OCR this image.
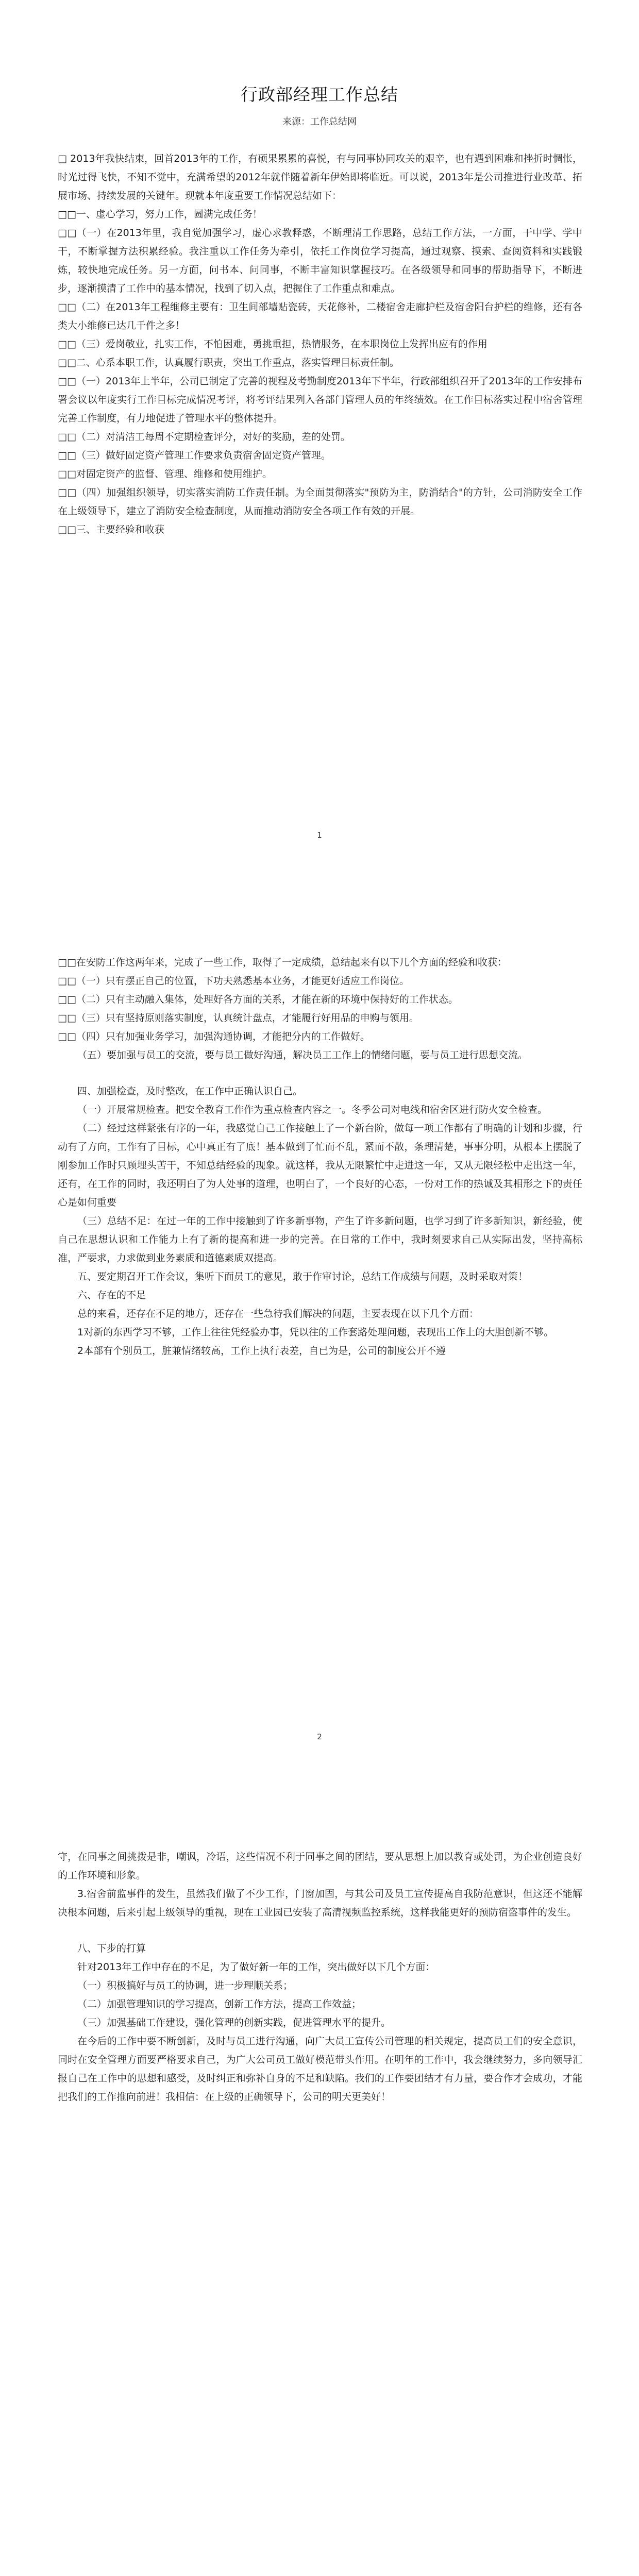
行政部经理工作总结
来源：工作总结网

□ 2013年我快结束，回首2013年的工作，有硕果累累的喜悦，有与同事协同攻关的艰辛，也有遇到困难和挫折时惆怅，时光过得飞快，不知不觉中，充满希望的2012年就伴随着新年伊始即将临近。可以说，2013年是公司推进行业改革、拓展市场、持续发展的关键年。现就本年度重要工作情况总结如下：

□□一、虚心学习，努力工作，圆满完成任务！

□□（一）在2013年里，我自觉加强学习，虚心求教释惑，不断理清工作思路，总结工作方法，一方面，干中学、学中干，不断掌握方法积累经验。我注重以工作任务为牵引，依托工作岗位学习提高，通过观察、摸索、查阅资料和实践锻炼，较快地完成任务。另一方面，问书本、问同事，不断丰富知识掌握技巧。在各级领导和同事的帮助指导下，不断进步，逐渐摸清了工作中的基本情况，找到了切入点，把握住了工作重点和难点。

□□（二）在2013年工程维修主要有：卫生间部墙贴瓷砖，天花修补，二楼宿舍走廊护栏及宿舍阳台护栏的维修，还有各类大小维修已达几千件之多！

□□（三）爱岗敬业，扎实工作，不怕困难，勇挑重担，热情服务，在本职岗位上发挥出应有的作用

□□二、心系本职工作，认真履行职责，突出工作重点，落实管理目标责任制。

□□（一）2013年上半年，公司已制定了完善的视程及考勤制度2013年下半年，行政部组织召开了2013年的工作安排布署会议以年度实行工作目标完成情况考评，将考评结果列入各部门管理人员的年终绩效。在工作目标落实过程中宿舍管理完善工作制度，有力地促进了管理水平的整体提升。

□□（二）对清洁工每周不定期检查评分，对好的奖励，差的处罚。

□□（三）做好固定资产管理工作要求负责宿舍固定资产管理。

□□对固定资产的监督、管理、维修和使用维护。

□□（四）加强组织领导，切实落实消防工作责任制。为全面贯彻落实"预防为主，防消结合"的方针，公司消防安全工作在上级领导下，建立了消防安全检查制度，从而推动消防安全各项工作有效的开展。

□□三、主要经验和收获

1

□□在安防工作这两年来，完成了一些工作，取得了一定成绩，总结起来有以下几个方面的经验和收获：

□□（一）只有摆正自己的位置，下功夫熟悉基本业务，才能更好适应工作岗位。

□□（二）只有主动融入集体，处理好各方面的关系，才能在新的环境中保持好的工作状态。

□□（三）只有坚持原则落实制度，认真统计盘点，才能履行好用品的申购与领用。

□□（四）只有加强业务学习，加强沟通协调，才能把分内的工作做好。

（五）要加强与员工的交流，要与员工做好沟通，解决员工工作上的情绪问题，要与员工进行思想交流。

四、加强检查，及时整改，在工作中正确认识自己。

（一）开展常规检查。把安全教育工作作为重点检查内容之一。冬季公司对电线和宿舍区进行防火安全检查。

（二）经过这样紧张有序的一年，我感觉自己工作接触上了一个新台阶，做每一项工作都有了明确的计划和步骤，行动有了方向，工作有了目标，心中真正有了底！基本做到了忙而不乱，紧而不散，条理清楚，事事分明，从根本上摆脱了刚参加工作时只顾埋头苦干，不知总结经验的现象。就这样，我从无限繁忙中走进这一年，又从无限轻松中走出这一年，还有，在工作的同时，我还明白了为人处事的道理，也明白了，一个良好的心态，一份对工作的热诚及其相形之下的责任心是如何重要

（三）总结不足：在过一年的工作中接触到了许多新事物，产生了许多新问题，也学习到了许多新知识，新经验，使自己在思想认识和工作能力上有了新的提高和进一步的完善。在日常的工作中，我时刻要求自己从实际出发，坚持高标准，严要求，力求做到业务素质和道德素质双提高。

五、要定期召开工作会议，集听下面员工的意见，敢于作审讨论，总结工作成绩与问题，及时采取对策！

六、存在的不足

总的来看，还存在不足的地方，还存在一些急待我们解决的问题，主要表现在以下几个方面：

1对新的东西学习不够，工作上往往凭经验办事，凭以往的工作套路处理问题，表现出工作上的大胆创新不够。

2本部有个别员工，脏兼情绪较高，工作上执行表差，自已为是，公司的制度公开不遵

2

守，在同事之间挑拨是非，嘲讽，冷语，这些情况不利于同事之间的团结，要从思想上加以教育或处罚，为企业创造良好的工作环境和形象。

3.宿舍前监事件的发生，虽然我们做了不少工作，门窗加固，与其公司及员工宣传提高自我防范意识，但这还不能解决根本问题，后来引起上级领导的重视，现在工业园已安装了高清视频监控系统，这样我能更好的预防宿盗事件的发生。

八、下步的打算

针对2013年工作中存在的不足，为了做好新一年的工作，突出做好以下几个方面：

（一）积极搞好与员工的协调，进一步理顺关系；

（二）加强管理知识的学习提高，创新工作方法，提高工作效益；

（三）加强基础工作建设，强化管理的创新实践，促进管理水平的提升。

在今后的工作中要不断创新，及时与员工进行沟通，向广大员工宣传公司管理的相关规定，提高员工们的安全意识，同时在安全管理方面要严格要求自己，为广大公司员工做好模范带头作用。在明年的工作中，我会继续努力，多向领导汇报自己在工作中的思想和感受，及时纠正和弥补自身的不足和缺陷。我们的工作要团结才有力量，要合作才会成功，才能把我们的工作推向前进！我相信：在上级的正确领导下，公司的明天更美好！
